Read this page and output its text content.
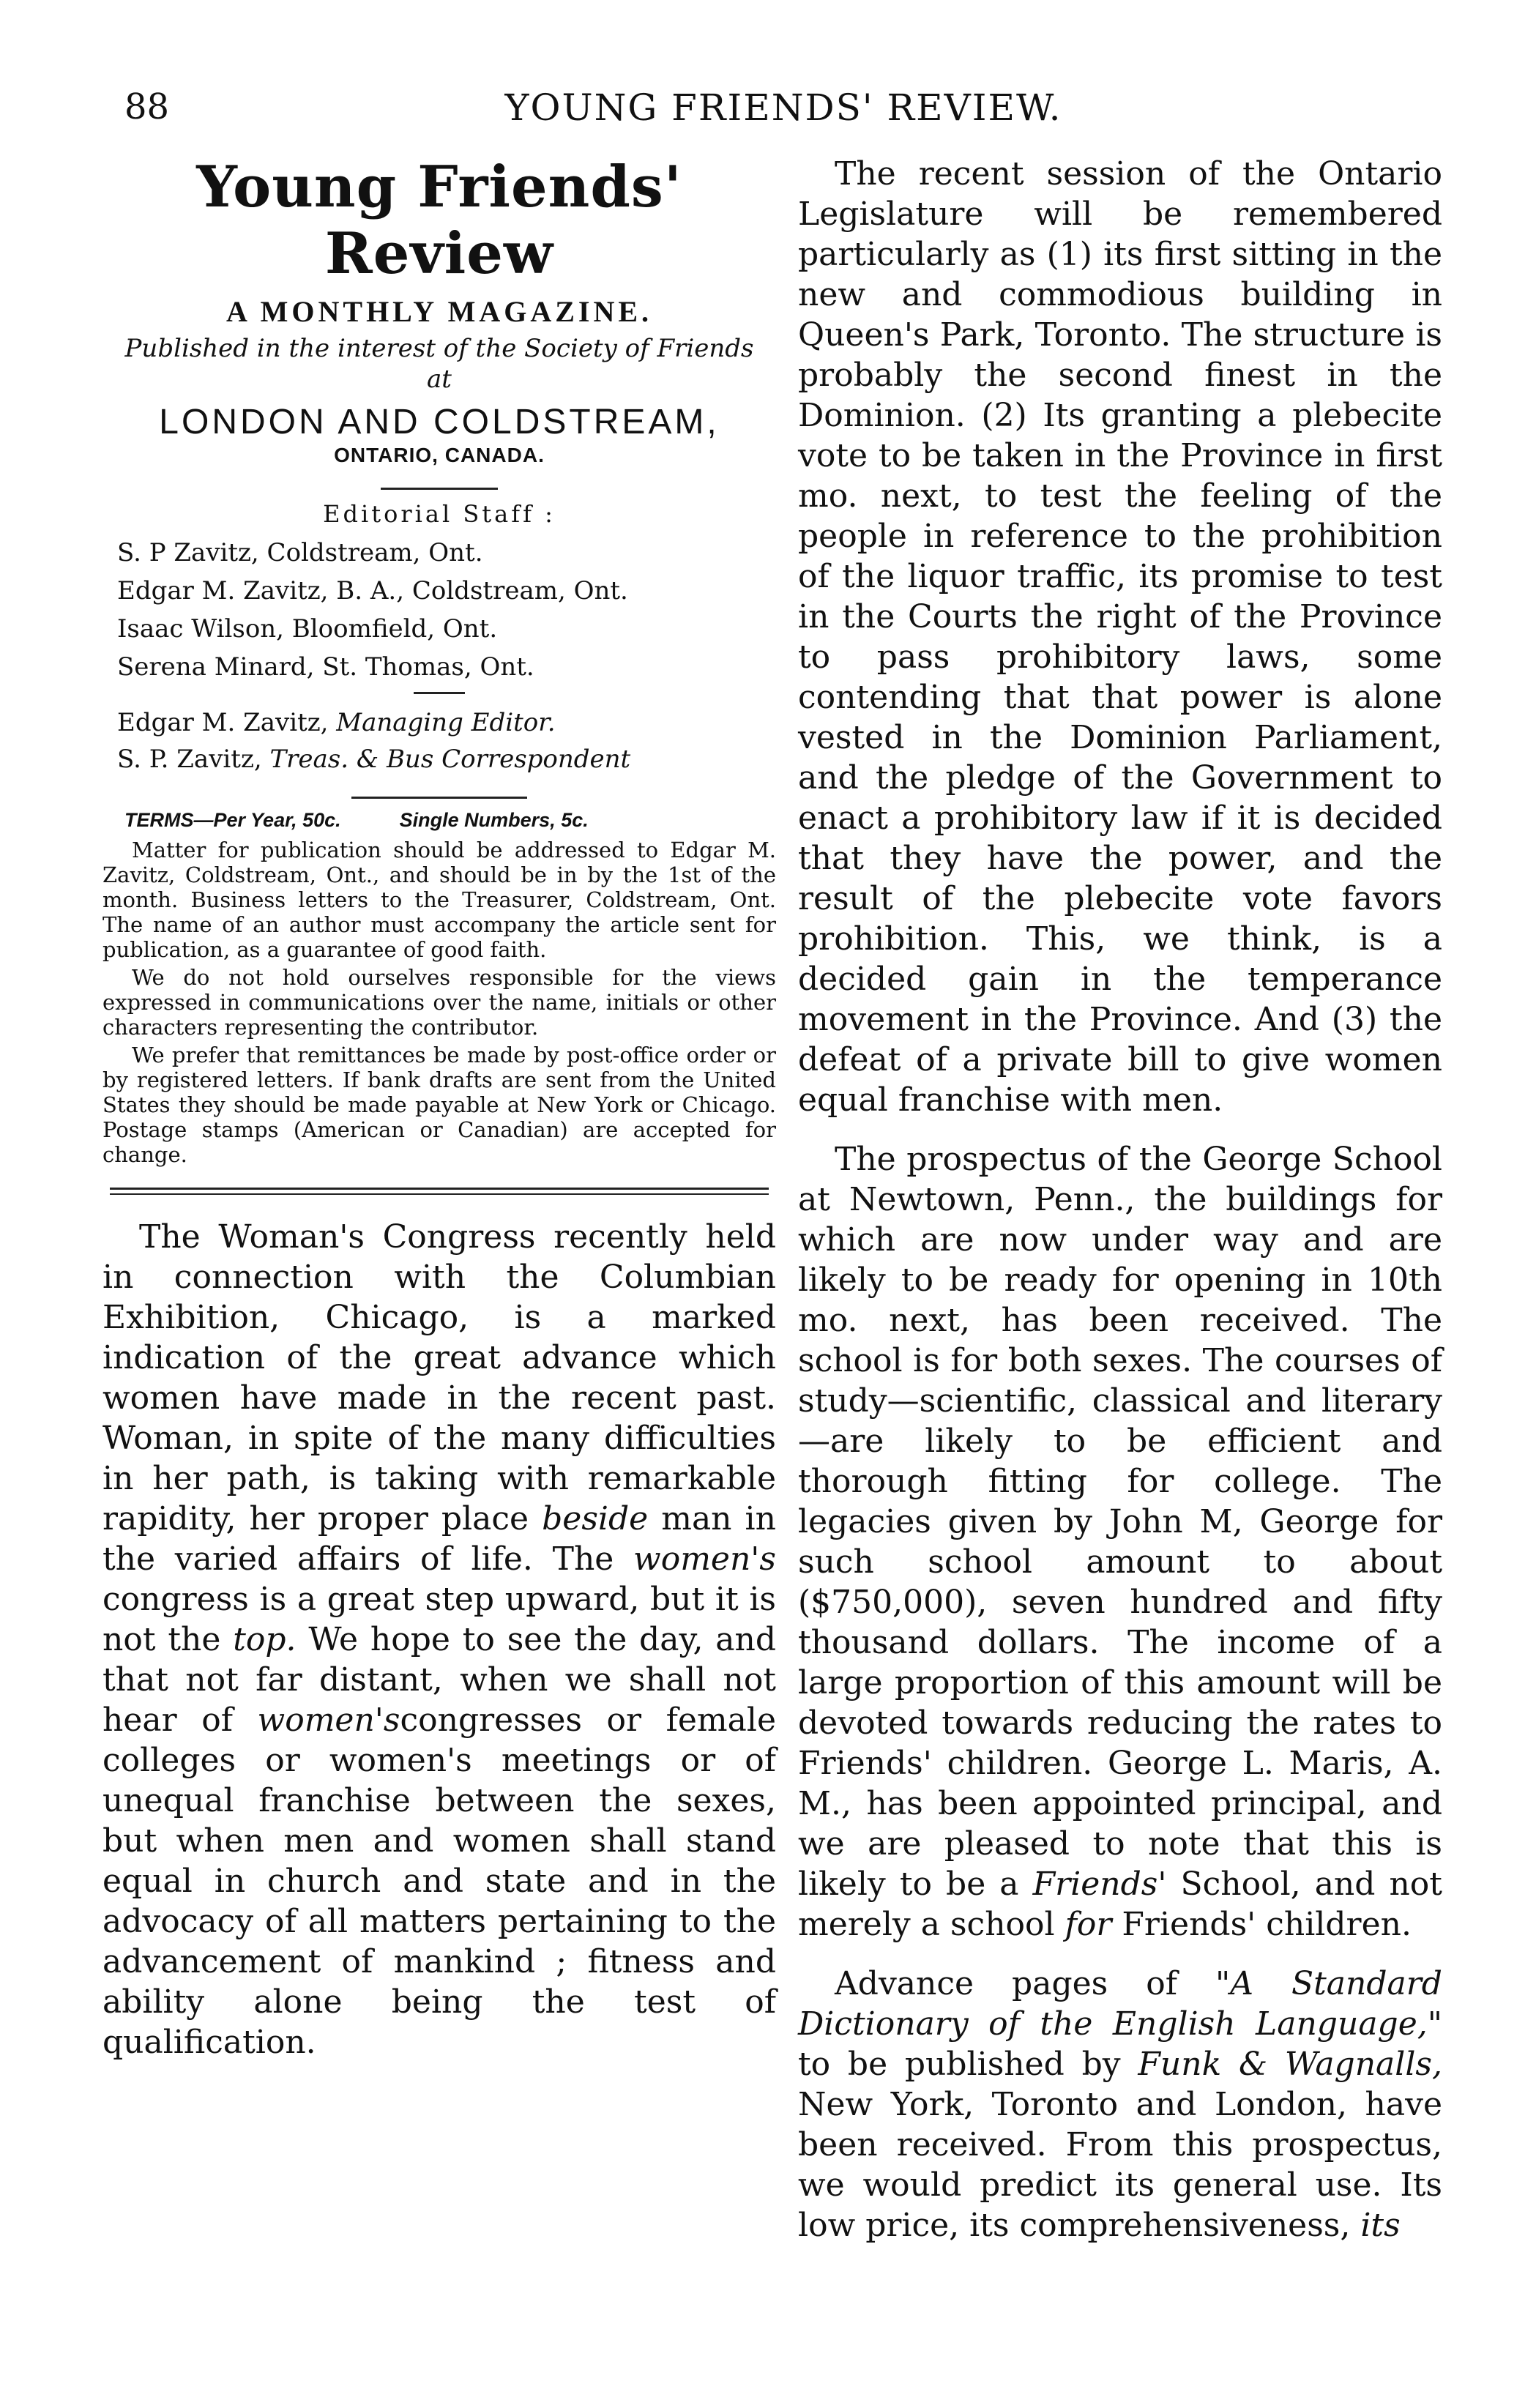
88	YOUNG FRIENDS' REVIEW.
Young Friends' Review
A MONTHLY MAGAZINE.
Published in the interest of the Society of Friends at
LONDON AND COLDSTREAM,
ONTARIO, CANADA.
Editorial Staff :
S. P Zavitz, Coldstream, Ont.
Edgar M. Zavitz, B. A., Coldstream, Ont.
Isaac Wilson, Bloomfield, Ont.
Serena Minard, St. Thomas, Ont.
Edgar M. Zavitz, Managing Editor.
S. P. Zavitz, Treas. & Bus Correspondent
TERMS—Per Year, 50c.	Single Numbers, 5c.

Matter for publication should be addressed to Edgar M. Zavitz, Coldstream, Ont., and should be in by the 1st of the month. Business letters to the Treasurer, Coldstream, Ont. The name of an author must accompany the article sent for publication, as a guarantee of good faith.

We do not hold ourselves responsible for the views expressed in communications over the name, initials or other characters representing the contributor.

We prefer that remittances be made by post-office order or by registered letters. If bank drafts are sent from the United States they should be made payable at New York or Chicago. Postage stamps (American or Canadian) are accepted for change.

The Woman's Congress recently held in connection with the Columbian Exhibition, Chicago, is a marked indication of the great advance which women have made in the recent past. Woman, in spite of the many difficulties in her path, is taking with remarkable rapidity, her proper place beside man in the varied affairs of life. The women's congress is a great step upward, but it is not the top. We hope to see the day, and that not far distant, when we shall not hear of women'scongresses or female colleges or women's meetings or of unequal franchise between the sexes, but when men and women shall stand equal in church and state and in the advocacy of all matters pertaining to the advancement of mankind ; fitness and ability alone being the test of qualification.

The recent session of the Ontario Legislature will be remembered particularly as (1) its first sitting in the new and commodious building in Queen's Park, Toronto. The structure is probably the second finest in the Dominion. (2) Its granting a plebecite vote to be taken in the Province in first mo. next, to test the feeling of the people in reference to the prohibition of the liquor traffic, its promise to test in the Courts the right of the Province to pass prohibitory laws, some contending that that power is alone vested in the Dominion Parliament, and the pledge of the Government to enact a prohibitory law if it is decided that they have the power, and the result of the plebecite vote favors prohibition. This, we think, is a decided gain in the temperance movement in the Province. And (3) the defeat of a private bill to give women equal franchise with men.

The prospectus of the George School at Newtown, Penn., the buildings for which are now under way and are likely to be ready for opening in 10th mo. next, has been received. The school is for both sexes. The courses of study—scientific, classical and literary—are likely to be efficient and thorough fitting for college. The legacies given by John M, George for such school amount to about ($750,000), seven hundred and fifty thousand dollars. The income of a large proportion of this amount will be devoted towards reducing the rates to Friends' children. George L. Maris, A. M., has been appointed principal, and we are pleased to note that this is likely to be a Friends' School, and not merely a school for Friends' children.

Advance pages of "A Standard Dictionary of the English Language," to be published by Funk & Wagnalls, New York, Toronto and London, have been received. From this prospectus, we would predict its general use. Its low price, its comprehensiveness, its
